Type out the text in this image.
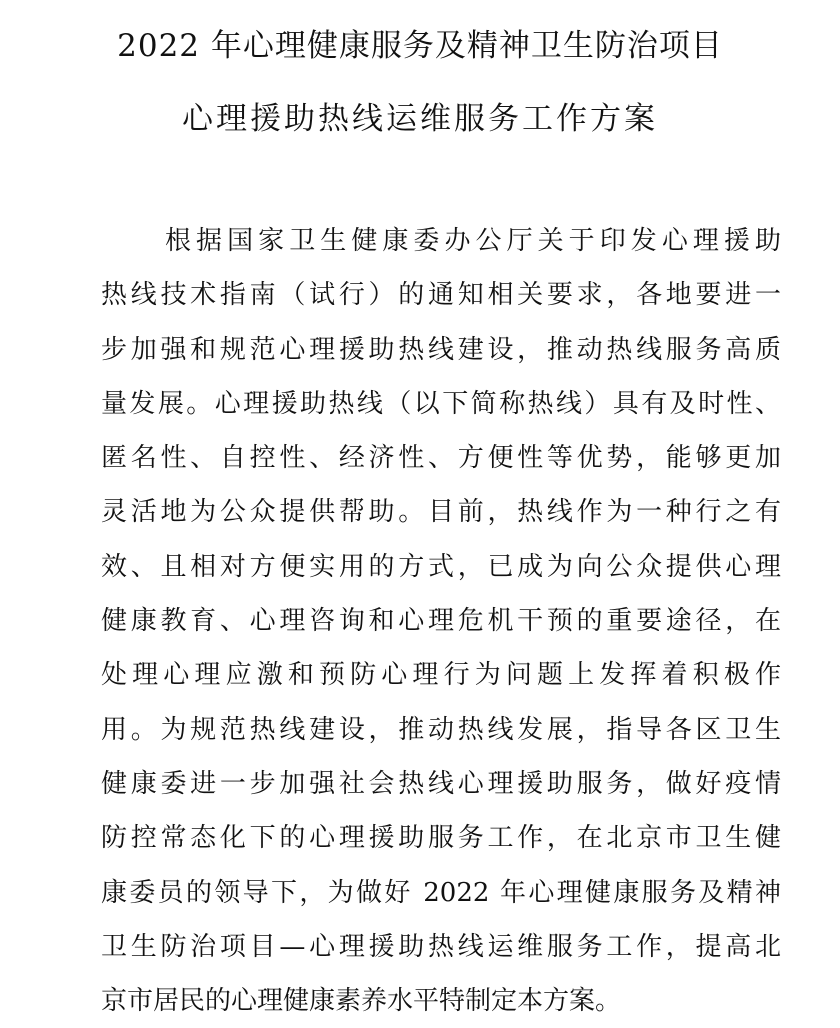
2022 年心理健康服务及精神卫生防治项目
心理援助热线运维服务工作方案
根据国家卫生健康委办公厅关于印发心理援助
热线技术指南（试行）的通知相关要求，各地要进一
步加强和规范心理援助热线建设，推动热线服务高质
量发展。心理援助热线（以下简称热线）具有及时性、
匿名性、自控性、经济性、方便性等优势，能够更加
灵活地为公众提供帮助。目前，热线作为一种行之有
效、且相对方便实用的方式，已成为向公众提供心理
健康教育、心理咨询和心理危机干预的重要途径，在
处理心理应激和预防心理行为问题上发挥着积极作
用。为规范热线建设，推动热线发展，指导各区卫生
健康委进一步加强社会热线心理援助服务，做好疫情
防控常态化下的心理援助服务工作，在北京市卫生健
康委员的领导下，为做好 2022 年心理健康服务及精神
卫生防治项目—心理援助热线运维服务工作，提高北
京市居民的心理健康素养水平特制定本方案。
